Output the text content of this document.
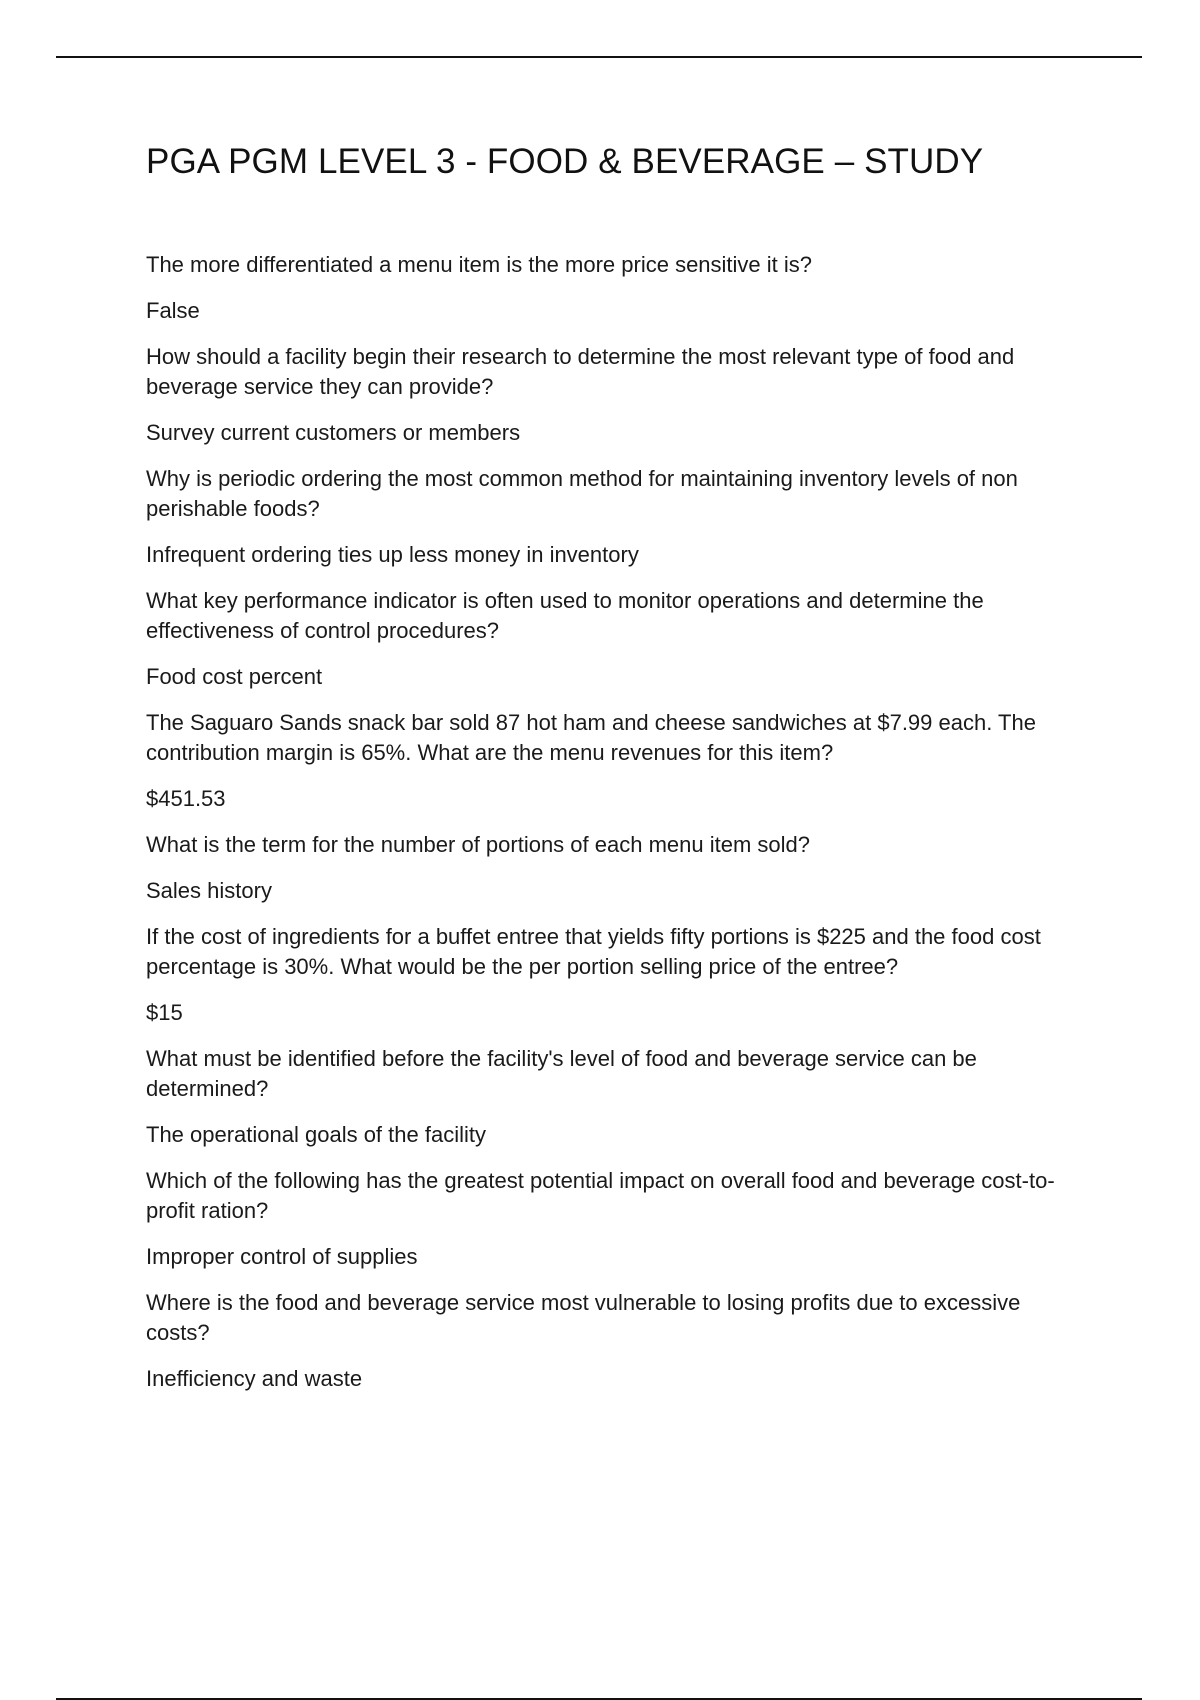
PGA PGM LEVEL 3 - FOOD & BEVERAGE – STUDY

The more differentiated a menu item is the more price sensitive it is?

False

How should a facility begin their research to determine the most relevant type of food and beverage service they can provide?

Survey current customers or members

Why is periodic ordering the most common method for maintaining inventory levels of non perishable foods?

Infrequent ordering ties up less money in inventory

What key performance indicator is often used to monitor operations and determine the effectiveness of control procedures?

Food cost percent

The Saguaro Sands snack bar sold 87 hot ham and cheese sandwiches at $7.99 each. The contribution margin is 65%. What are the menu revenues for this item?

$451.53

What is the term for the number of portions of each menu item sold?

Sales history

If the cost of ingredients for a buffet entree that yields fifty portions is $225 and the food cost percentage is 30%. What would be the per portion selling price of the entree?

$15

What must be identified before the facility's level of food and beverage service can be determined?

The operational goals of the facility

Which of the following has the greatest potential impact on overall food and beverage cost-to-profit ration?

Improper control of supplies

Where is the food and beverage service most vulnerable to losing profits due to excessive costs?

Inefficiency and waste
